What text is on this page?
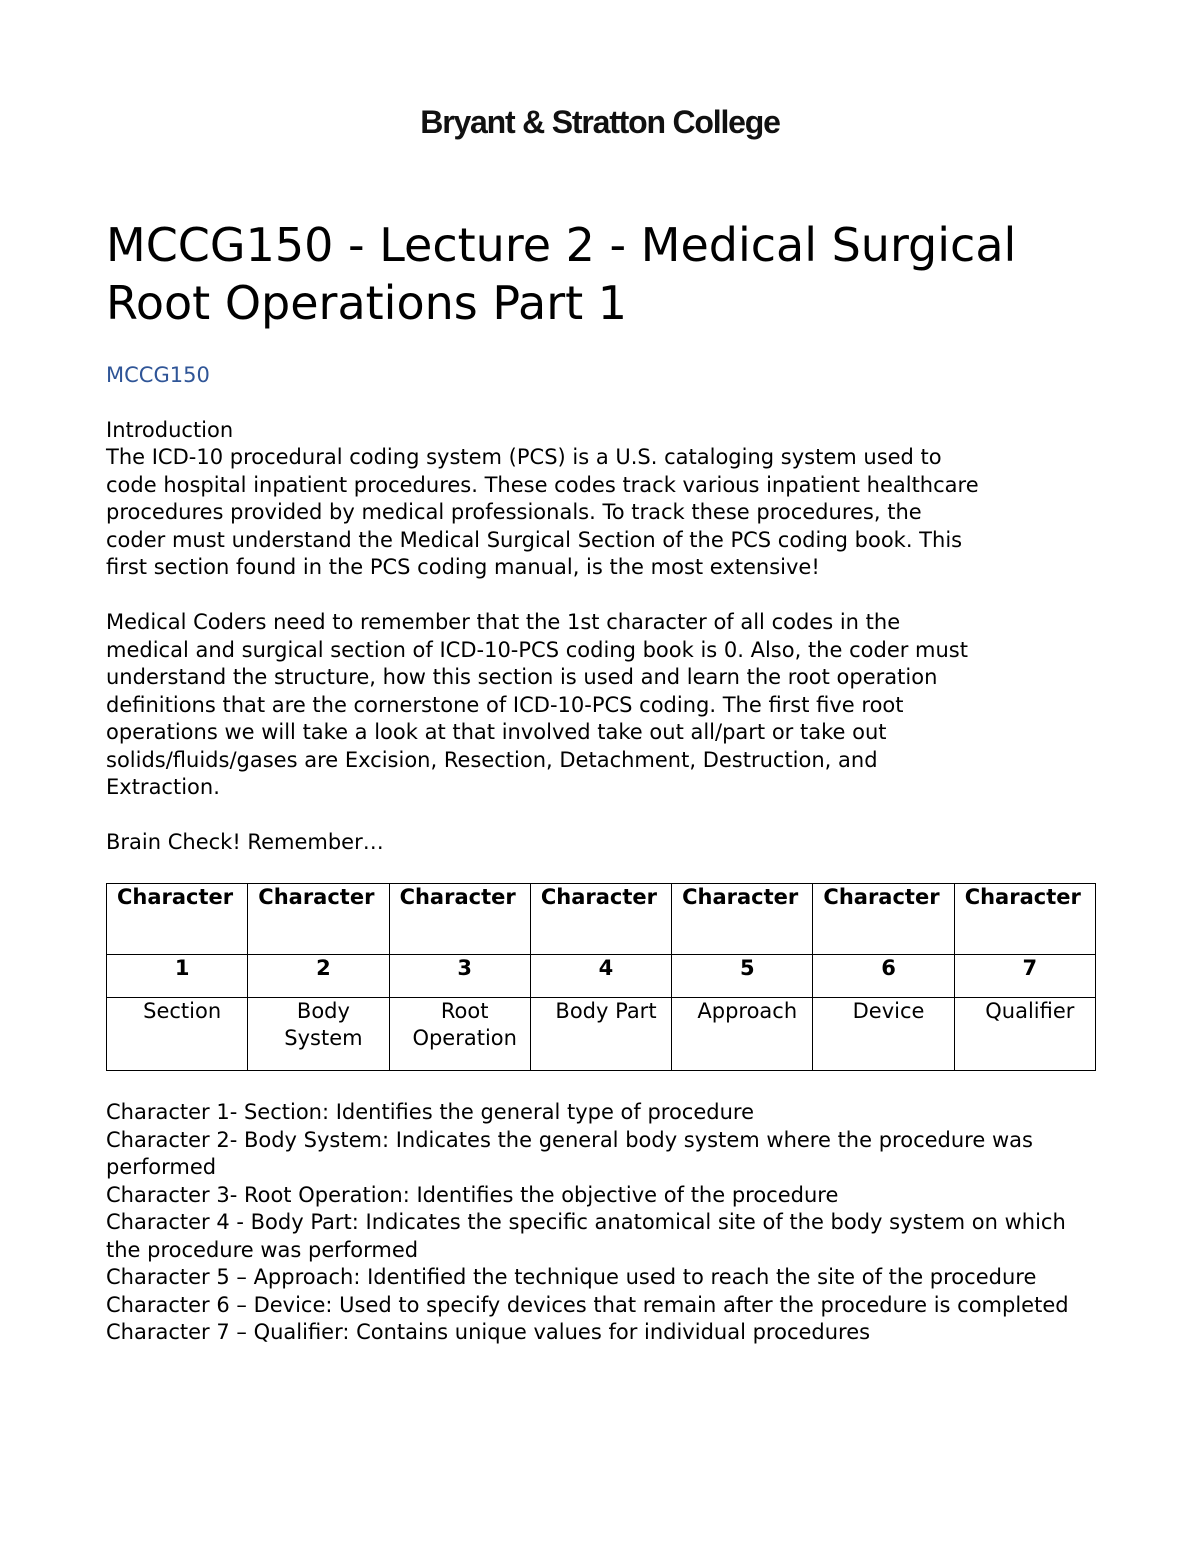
Bryant & Stratton College
MCCG150 - Lecture 2 - Medical Surgical Root Operations Part 1
MCCG150

Introduction

The ICD-10 procedural coding system (PCS) is a U.S. cataloging system used to
code hospital inpatient procedures. These codes track various inpatient healthcare
procedures provided by medical professionals. To track these procedures, the
coder must understand the Medical Surgical Section of the PCS coding book. This
first section found in the PCS coding manual, is the most extensive!

Medical Coders need to remember that the 1st character of all codes in the
medical and surgical section of ICD-10-PCS coding book is 0. Also, the coder must
understand the structure, how this section is used and learn the root operation
definitions that are the cornerstone of ICD-10-PCS coding. The first five root
operations we will take a look at that involved take out all/part or take out
solids/fluids/gases are Excision, Resection, Detachment, Destruction, and
Extraction.

Brain Check! Remember…

Character	Character	Character	Character	Character	Character	Character
1	2	3	4	5	6	7
Section	Body System	Root Operation	Body Part	Approach	Device	Qualifier
Character 1- Section: Identifies the general type of procedure
Character 2- Body System: Indicates the general body system where the procedure was performed
Character 3- Root Operation: Identifies the objective of the procedure
Character 4 - Body Part: Indicates the specific anatomical site of the body system on which the procedure was performed
Character 5 – Approach: Identified the technique used to reach the site of the procedure
Character 6 – Device: Used to specify devices that remain after the procedure is completed
Character 7 – Qualifier: Contains unique values for individual procedures
